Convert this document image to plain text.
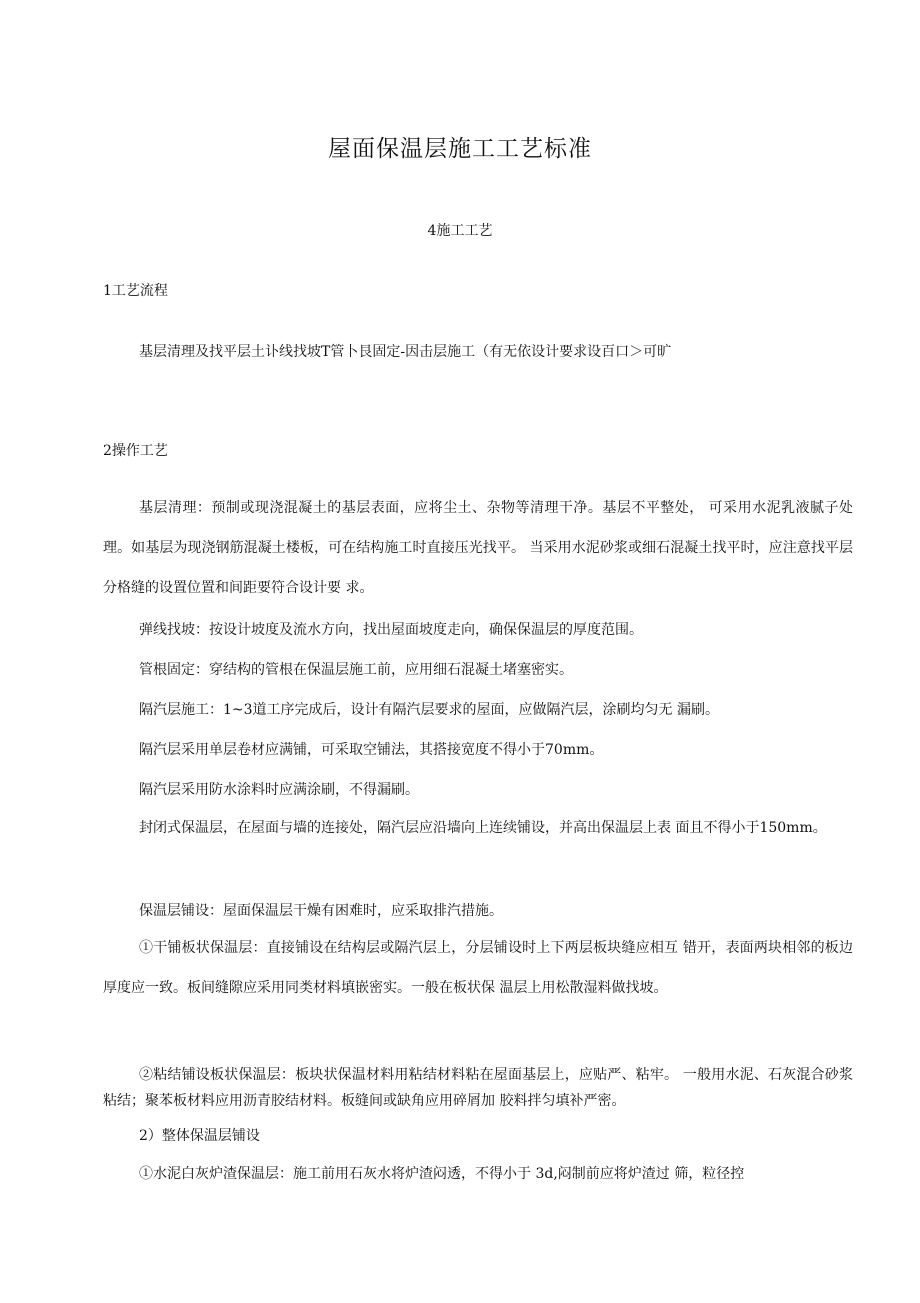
屋面保温层施工工艺标准
4施工工艺
1工艺流程
基层清理及找平层土讣线找坡T管卜艮固定-因击层施工（有无依设计要求设百口＞可旷
2操作工艺

基层清理：预制或现浇混凝土的基层表面，应将尘土、杂物等清理干净。基层不平整处， 可采用水泥乳液腻子处理。如基层为现浇钢筋混凝土楼板，可在结构施工时直接压光找平。 当采用水泥砂浆或细石混凝土找平时，应注意找平层分格缝的设置位置和间距要符合设计要 求。

弹线找坡：按设计坡度及流水方向，找出屋面坡度走向，确保保温层的厚度范围。
管根固定：穿结构的管根在保温层施工前，应用细石混凝土堵塞密实。
隔汽层施工：1~3道工序完成后，设计有隔汽层要求的屋面，应做隔汽层，涂刷均匀无 漏刷。
隔汽层采用单层卷材应满铺，可采取空铺法，其搭接宽度不得小于70mm。
隔汽层采用防水涂料时应满涂刷，不得漏刷。

封闭式保温层，在屋面与墙的连接处，隔汽层应沿墙向上连续铺设，并高出保温层上表 面且不得小于150mm。

保温层铺设：屋面保温层干燥有困难时，应采取排汽措施。

①干铺板状保温层：直接铺设在结构层或隔汽层上，分层铺设时上下两层板块缝应相互 错开，表面两块相邻的板边厚度应一致。板间缝隙应采用同类材料填嵌密实。一般在板状保 温层上用松散湿料做找坡。

②粘结铺设板状保温层：板块状保温材料用粘结材料粘在屋面基层上，应贴严、粘牢。 一般用水泥、石灰混合砂浆粘结；聚苯板材料应用沥青胶结材料。板缝间或缺角应用碎屑加 胶料拌匀填补严密。

2）整体保温层铺设
①水泥白灰炉渣保温层：施工前用石灰水将炉渣闷透，不得小于 3d,闷制前应将炉渣过 筛，粒径控
